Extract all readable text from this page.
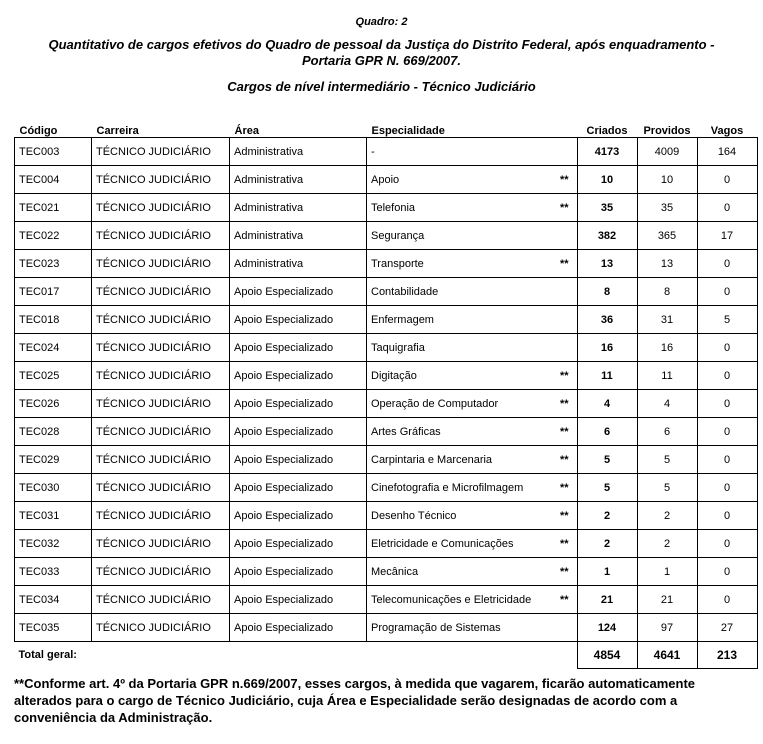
Quadro: 2
Quantitativo de cargos efetivos do Quadro de pessoal da Justiça do Distrito Federal, após enquadramento - Portaria GPR N. 669/2007.
Cargos de nível intermediário - Técnico Judiciário
Código	Carreira	Área	Especialidade		Criados	Providos	Vagos
TEC003	TÉCNICO JUDICIÁRIO	Administrativa	-		4173	4009	164
TEC004	TÉCNICO JUDICIÁRIO	Administrativa	Apoio	**	10	10	0
TEC021	TÉCNICO JUDICIÁRIO	Administrativa	Telefonia	**	35	35	0
TEC022	TÉCNICO JUDICIÁRIO	Administrativa	Segurança		382	365	17
TEC023	TÉCNICO JUDICIÁRIO	Administrativa	Transporte	**	13	13	0
TEC017	TÉCNICO JUDICIÁRIO	Apoio Especializado	Contabilidade		8	8	0
TEC018	TÉCNICO JUDICIÁRIO	Apoio Especializado	Enfermagem		36	31	5
TEC024	TÉCNICO JUDICIÁRIO	Apoio Especializado	Taquigrafia		16	16	0
TEC025	TÉCNICO JUDICIÁRIO	Apoio Especializado	Digitação	**	11	11	0
TEC026	TÉCNICO JUDICIÁRIO	Apoio Especializado	Operação de Computador	**	4	4	0
TEC028	TÉCNICO JUDICIÁRIO	Apoio Especializado	Artes Gráficas	**	6	6	0
TEC029	TÉCNICO JUDICIÁRIO	Apoio Especializado	Carpintaria e Marcenaria	**	5	5	0
TEC030	TÉCNICO JUDICIÁRIO	Apoio Especializado	Cinefotografia e Microfilmagem	**	5	5	0
TEC031	TÉCNICO JUDICIÁRIO	Apoio Especializado	Desenho Técnico	**	2	2	0
TEC032	TÉCNICO JUDICIÁRIO	Apoio Especializado	Eletricidade e Comunicações	**	2	2	0
TEC033	TÉCNICO JUDICIÁRIO	Apoio Especializado	Mecânica	**	1	1	0
TEC034	TÉCNICO JUDICIÁRIO	Apoio Especializado	Telecomunicações e Eletricidade	**	21	21	0
TEC035	TÉCNICO JUDICIÁRIO	Apoio Especializado	Programação de Sistemas		124	97	27
Total geral:					4854	4641	213
**Conforme art. 4º da Portaria GPR n.669/2007, esses cargos, à medida que vagarem, ficarão automaticamente alterados para o cargo de Técnico Judiciário, cuja Área e Especialidade serão designadas de acordo com a conveniência da Administração.
